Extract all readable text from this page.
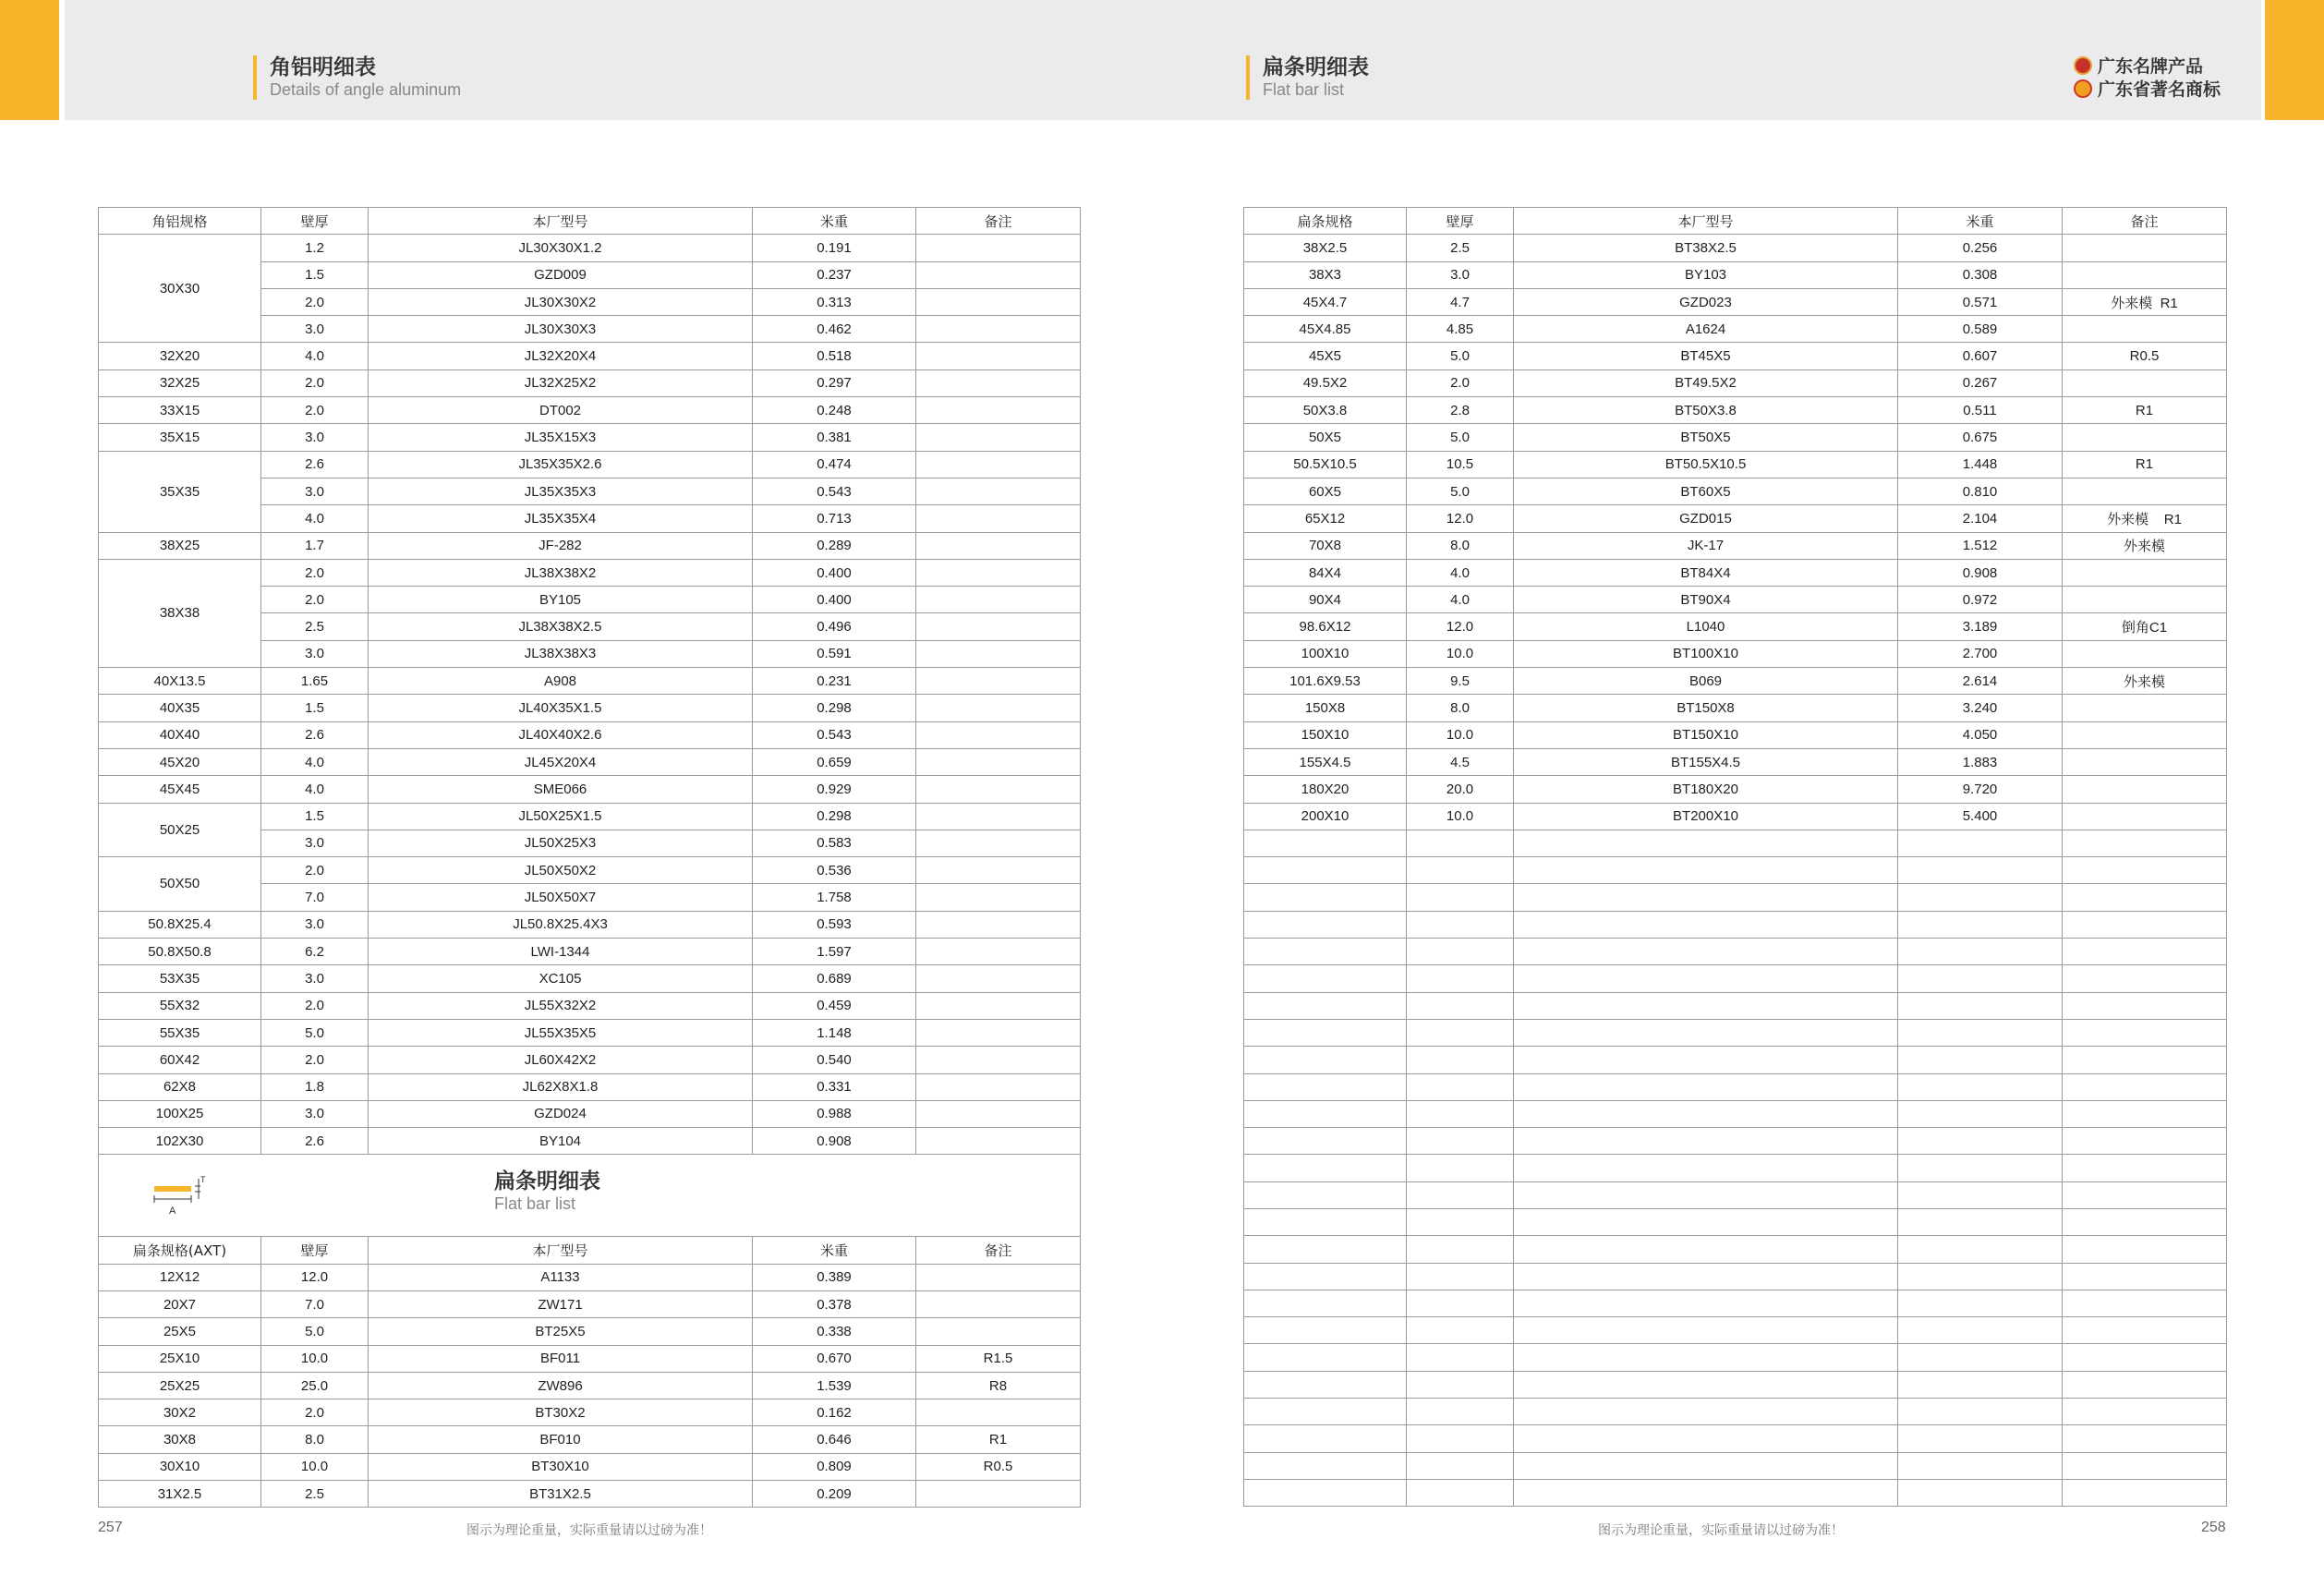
角铝明细表
Details of angle aluminum
扁条明细表
Flat bar list
广东名牌产品
广东省著名商标
角铝规格	壁厚	本厂型号	米重	备注
30X30	1.2	JL30X30X1.2	0.191	
	1.5	GZD009	0.237	
	2.0	JL30X30X2	0.313	
	3.0	JL30X30X3	0.462	
32X20	4.0	JL32X20X4	0.518	
32X25	2.0	JL32X25X2	0.297	
33X15	2.0	DT002	0.248	
35X15	3.0	JL35X15X3	0.381	
35X35	2.6	JL35X35X2.6	0.474	
	3.0	JL35X35X3	0.543	
	4.0	JL35X35X4	0.713	
38X25	1.7	JF-282	0.289	
38X38	2.0	JL38X38X2	0.400	
	2.0	BY105	0.400	
	2.5	JL38X38X2.5	0.496	
	3.0	JL38X38X3	0.591	
40X13.5	1.65	A908	0.231	
40X35	1.5	JL40X35X1.5	0.298	
40X40	2.6	JL40X40X2.6	0.543	
45X20	4.0	JL45X20X4	0.659	
45X45	4.0	SME066	0.929	
50X25	1.5	JL50X25X1.5	0.298	
	3.0	JL50X25X3	0.583	
50X50	2.0	JL50X50X2	0.536	
	7.0	JL50X50X7	1.758	
50.8X25.4	3.0	JL50.8X25.4X3	0.593	
50.8X50.8	6.2	LWI-1344	1.597	
53X35	3.0	XC105	0.689	
55X32	2.0	JL55X32X2	0.459	
55X35	5.0	JL55X35X5	1.148	
60X42	2.0	JL60X42X2	0.540	
62X8	1.8	JL62X8X1.8	0.331	
100X25	3.0	GZD024	0.988	
102X30	2.6	BY104	0.908	

A
T 扁条明细表
Flat bar list				

扁条规格(AXT)	壁厚	本厂型号	米重	备注
12X12	12.0	A1133	0.389	
20X7	7.0	ZW171	0.378	
25X5	5.0	BT25X5	0.338	
25X10	10.0	BF011	0.670	R1.5
25X25	25.0	ZW896	1.539	R8
30X2	2.0	BT30X2	0.162	
30X8	8.0	BF010	0.646	R1
30X10	10.0	BT30X10	0.809	R0.5
31X2.5	2.5	BT31X2.5	0.209	
扁条规格	壁厚	本厂型号	米重	备注
38X2.5	2.5	BT38X2.5	0.256	
38X3	3.0	BY103	0.308	
45X4.7	4.7	GZD023	0.571	外来模  R1
45X4.85	4.85	A1624	0.589	
45X5	5.0	BT45X5	0.607	R0.5
49.5X2	2.0	BT49.5X2	0.267	
50X3.8	2.8	BT50X3.8	0.511	R1
50X5	5.0	BT50X5	0.675	
50.5X10.5	10.5	BT50.5X10.5	1.448	R1
60X5	5.0	BT60X5	0.810	
65X12	12.0	GZD015	2.104	外来模    R1
70X8	8.0	JK-17	1.512	外来模
84X4	4.0	BT84X4	0.908	
90X4	4.0	BT90X4	0.972	
98.6X12	12.0	L1040	3.189	倒角C1
100X10	10.0	BT100X10	2.700	
101.6X9.53	9.5	B069	2.614	外来模
150X8	8.0	BT150X8	3.240	
150X10	10.0	BT150X10	4.050	
155X4.5	4.5	BT155X4.5	1.883	
180X20	20.0	BT180X20	9.720	
200X10	10.0	BT200X10	5.400	

257	图示为理论重量，实际重量请以过磅为准！	图示为理论重量，实际重量请以过磅为准！	258
